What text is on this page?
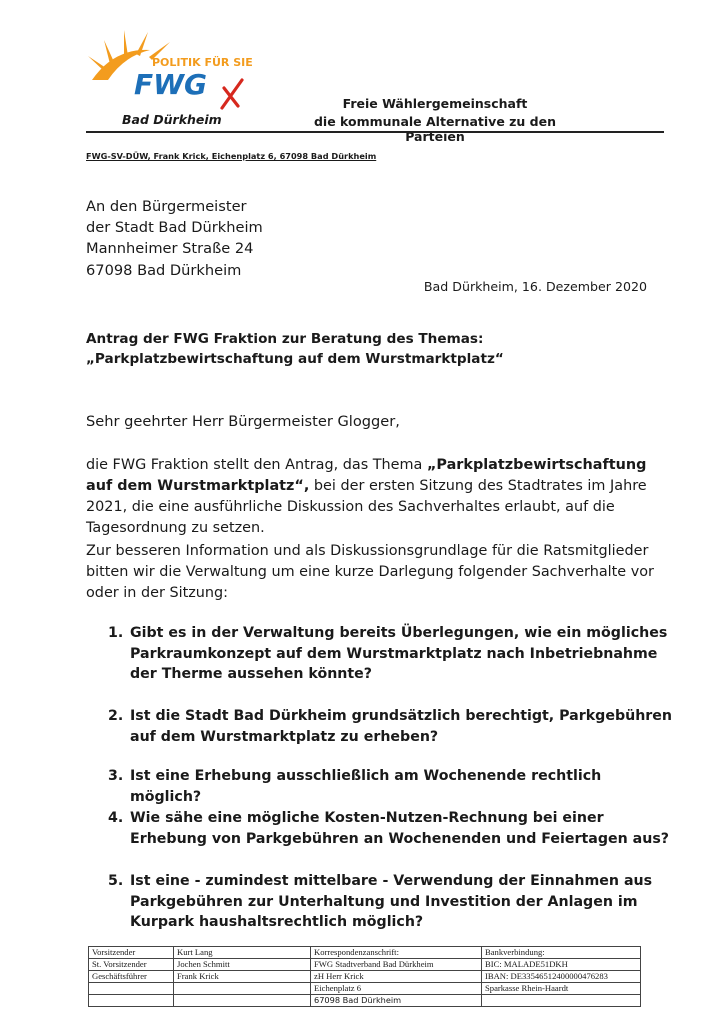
POLITIK FÜR SIE
FWG
Bad Dürkheim
Freie Wählergemeinschaft
die kommunale Alternative zu den Parteien
FWG-SV-DÜW, Frank Krick, Eichenplatz 6, 67098 Bad Dürkheim
An den Bürgermeister
der Stadt Bad Dürkheim
Mannheimer Straße 24
67098 Bad Dürkheim
Bad Dürkheim, 16. Dezember 2020
Antrag der FWG Fraktion zur Beratung des Themas:
„Parkplatzbewirtschaftung auf dem Wurstmarktplatz“
Sehr geehrter Herr Bürgermeister Glogger,
die FWG Fraktion stellt den Antrag, das Thema „Parkplatzbewirtschaftung auf dem Wurstmarktplatz“, bei der ersten Sitzung des Stadtrates im Jahre 2021, die eine ausführliche Diskussion des Sachverhaltes erlaubt, auf die Tagesordnung zu setzen.
Zur besseren Information und als Diskussionsgrundlage für die Ratsmitglieder bitten wir die Verwaltung um eine kurze Darlegung folgender Sachverhalte vor oder in der Sitzung:
1. Gibt es in der Verwaltung bereits Überlegungen, wie ein mögliches Parkraumkonzept auf dem Wurstmarktplatz nach Inbetriebnahme der Therme aussehen könnte?
2. Ist die Stadt Bad Dürkheim grundsätzlich berechtigt, Parkgebühren auf dem Wurstmarktplatz zu erheben?
3. Ist eine Erhebung ausschließlich am Wochenende rechtlich möglich?
4. Wie sähe eine mögliche Kosten-Nutzen-Rechnung bei einer Erhebung von Parkgebühren an Wochenenden und Feiertagen aus?
5. Ist eine - zumindest mittelbare - Verwendung der Einnahmen aus Parkgebühren zur Unterhaltung und Investition der Anlagen im Kurpark haushaltsrechtlich möglich?
Vorsitzender	Kurt Lang	Korrespondenzanschrift:	Bankverbindung:
St. Vorsitzender	Jochen Schmitt	FWG Stadtverband Bad Dürkheim	BIC: MALADE51DKH
Geschäftsführer	Frank Krick	zH Herr Krick	IBAN: DE33546512400000476283
		Eichenplatz 6	Sparkasse Rhein-Haardt
		67098 Bad Dürkheim	
